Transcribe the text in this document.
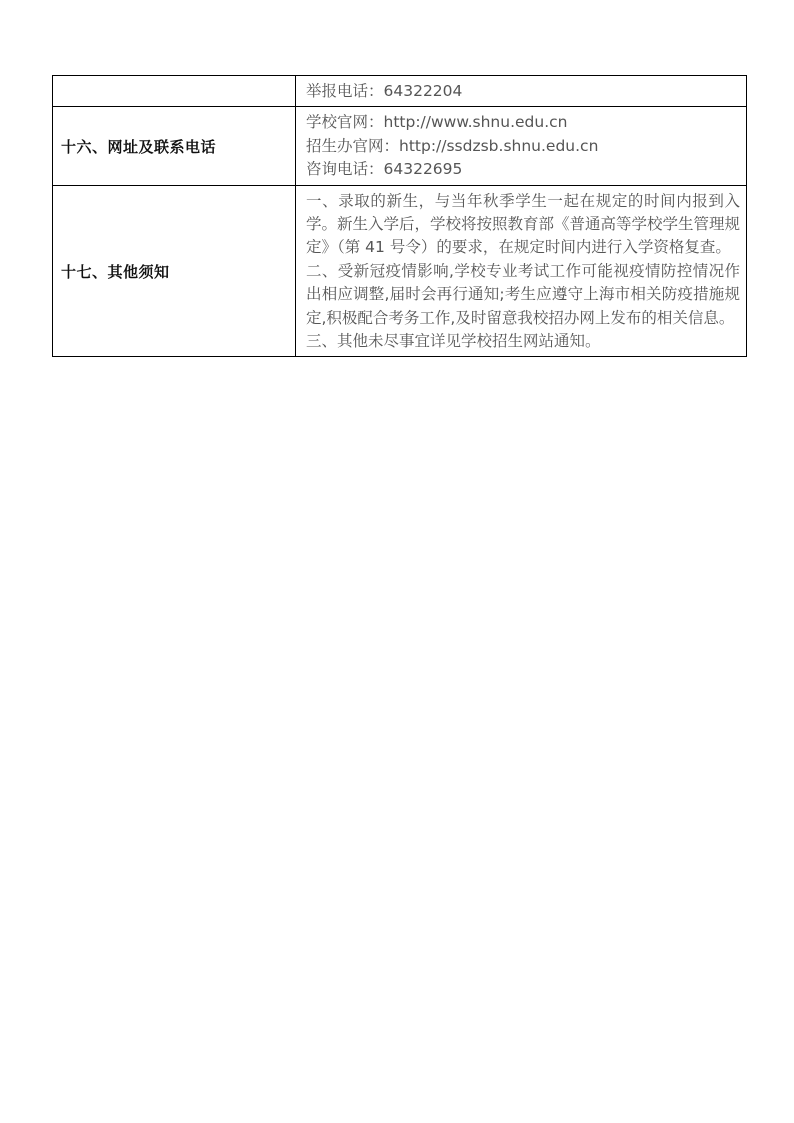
	举报电话：64322204
十六、网址及联系电话	学校官网：http://www.shnu.edu.cn
招生办官网：http://ssdzsb.shnu.edu.cn
咨询电话：64322695

十七、其他须知	一、录取的新生，与当年秋季学生一起在规定的时间内报到入学。新生入学后，学校将按照教育部《普通高等学校学生管理规定》（第 41 号令）的要求，在规定时间内进行入学资格复查。
二、受新冠疫情影响,学校专业考试工作可能视疫情防控情况作出相应调整,届时会再行通知;考生应遵守上海市相关防疫措施规定,积极配合考务工作,及时留意我校招办网上发布的相关信息。
三、其他未尽事宜详见学校招生网站通知。
